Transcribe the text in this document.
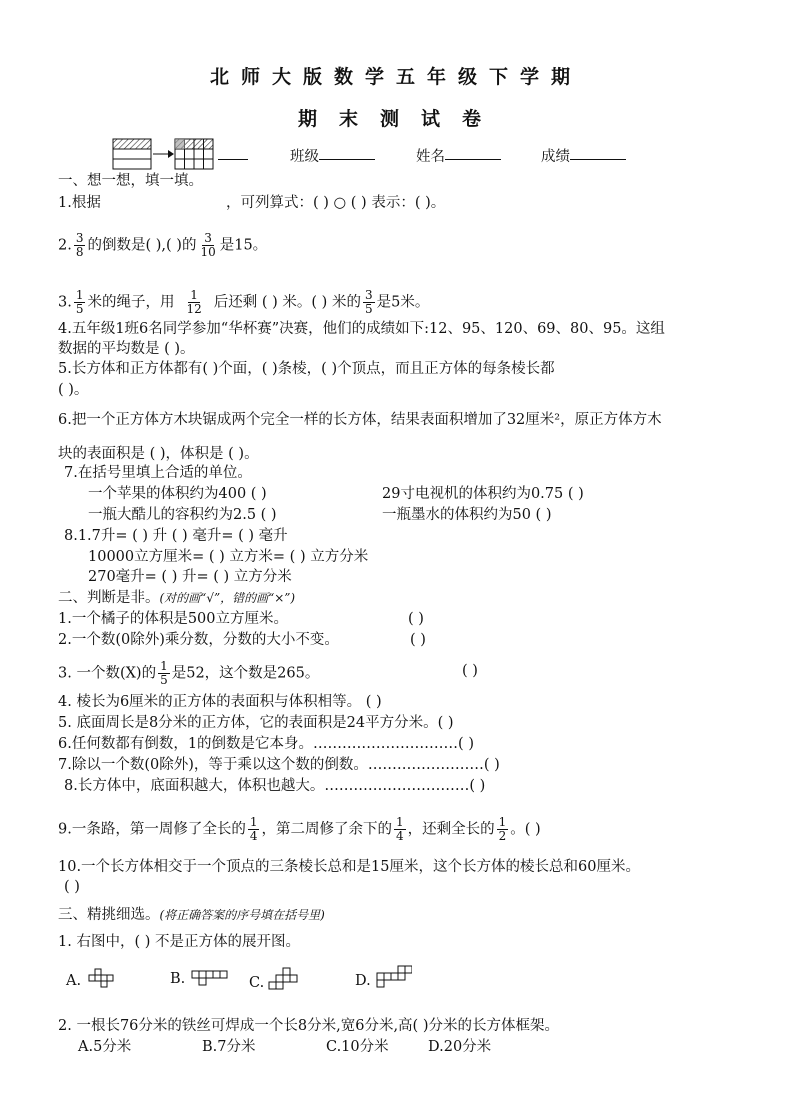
北师大版数学五年级下学期
期末测试卷
班级	姓名	成绩
一、想一想，填一填。
1.根据	，可列算式：( ) ○ ( ) 表示：( )。
2. $\frac{3}{8}$ 的倒数是( ),( )的 $\frac{3}{10}$ 是15。
3. $\frac{1}{5}$ 米的绳子，用 $\frac{1}{12}$ 后还剩 ( ) 米。( ) 米的 $\frac{3}{5}$ 是5米。
4.五年级1班6名同学参加“华杯赛”决赛，他们的成绩如下:12、95、120、69、80、95。这组
数据的平均数是 ( )。
5.长方体和正方体都有( )个面，( )条棱，( )个顶点，而且正方体的每条棱长都
( )。
6.把一个正方体方木块锯成两个完全一样的长方体，结果表面积增加了32厘米²，原正方体方木
块的表面积是 ( )，体积是 ( )。
7.在括号里填上合适的单位。
一个苹果的体积约为400 ( )	29寸电视机的体积约为0.75 ( )
一瓶大酷儿的容积约为2.5 ( )	一瓶墨水的体积约为50 ( )
8.1.7升= ( ) 升 ( ) 毫升= ( ) 毫升
10000立方厘米= ( ) 立方米= ( ) 立方分米
270毫升= ( ) 升= ( ) 立方分米
二、判断是非。(对的画“√”，错的画“×”)
1.一个橘子的体积是500立方厘米。	( )
2.一个数(0除外)乘分数，分数的大小不变。	( )
3. 一个数(X)的 $\frac{1}{5}$ 是52，这个数是265。	( )
4. 棱长为6厘米的正方体的表面积与体积相等。 ( )
5. 底面周长是8分米的正方体，它的表面积是24平方分米。( )
6.任何数都有倒数，1的倒数是它本身。…………………………( )
7.除以一个数(0除外)，等于乘以这个数的倒数。……………………( )
8.长方体中，底面积越大，体积也越大。…………………………( )
9.一条路，第一周修了全长的 $\frac{1}{4}$ ，第二周修了余下的 $\frac{1}{4}$ ，还剩全长的 $\frac{1}{2}$ 。( )
10.一个长方体相交于一个顶点的三条棱长总和是15厘米，这个长方体的棱长总和60厘米。
( )
三、精挑细选。(将正确答案的序号填在括号里)
1. 右图中，( ) 不是正方体的展开图。
A.	B.	C.	D.
2. 一根长76分米的铁丝可焊成一个长8分米,宽6分米,高( )分米的长方体框架。
A.5分米	B.7分米	C.10分米	D.20分米
